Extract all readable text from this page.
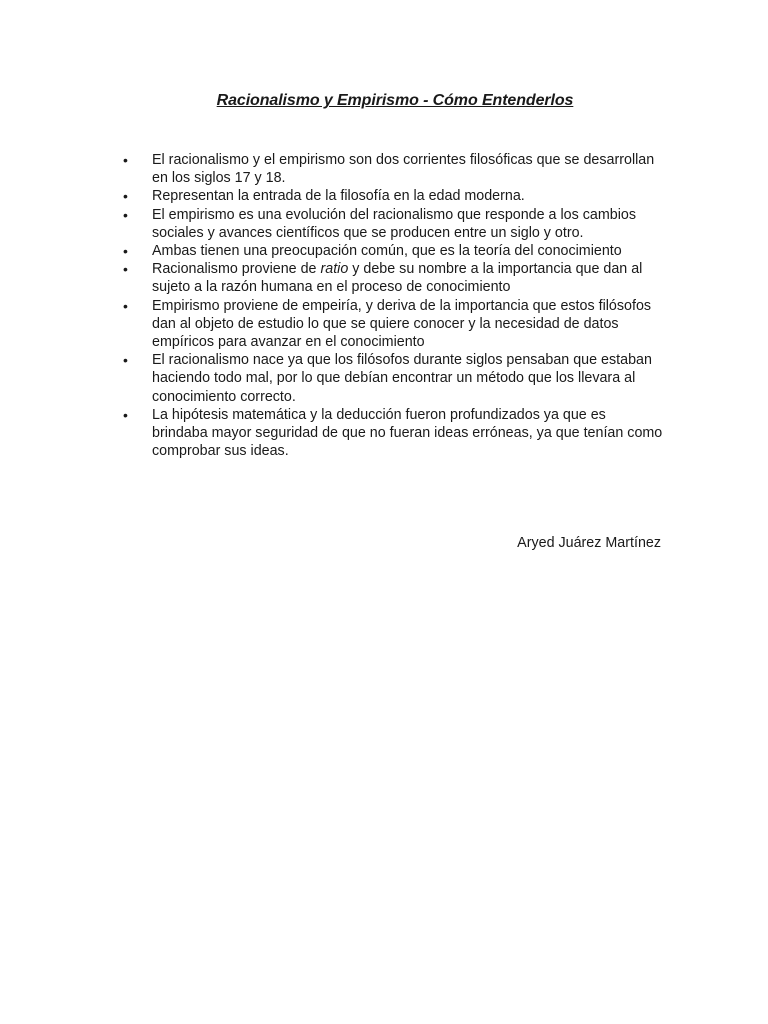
Racionalismo y Empirismo - Cómo Entenderlos
• El racionalismo y el empirismo son dos corrientes filosóficas que se desarrollan en los siglos 17 y 18.
• Representan la entrada de la filosofía en la edad moderna.
• El empirismo es una evolución del racionalismo que responde a los cambios sociales y avances científicos que se producen entre un siglo y otro.
• Ambas tienen una preocupación común, que es la teoría del conocimiento
• Racionalismo proviene de ratio y debe su nombre a la importancia que dan al sujeto a la razón humana en el proceso de conocimiento
• Empirismo proviene de empeiría, y deriva de la importancia que estos filósofos dan al objeto de estudio lo que se quiere conocer y la necesidad de datos empíricos para avanzar en el conocimiento
• El racionalismo nace ya que los filósofos durante siglos pensaban que estaban haciendo todo mal, por lo que debían encontrar un método que los llevara al conocimiento correcto.
• La hipótesis matemática y la deducción fueron profundizados ya que es brindaba mayor seguridad de que no fueran ideas erróneas, ya que tenían como comprobar sus ideas.

Aryed Juárez Martínez
